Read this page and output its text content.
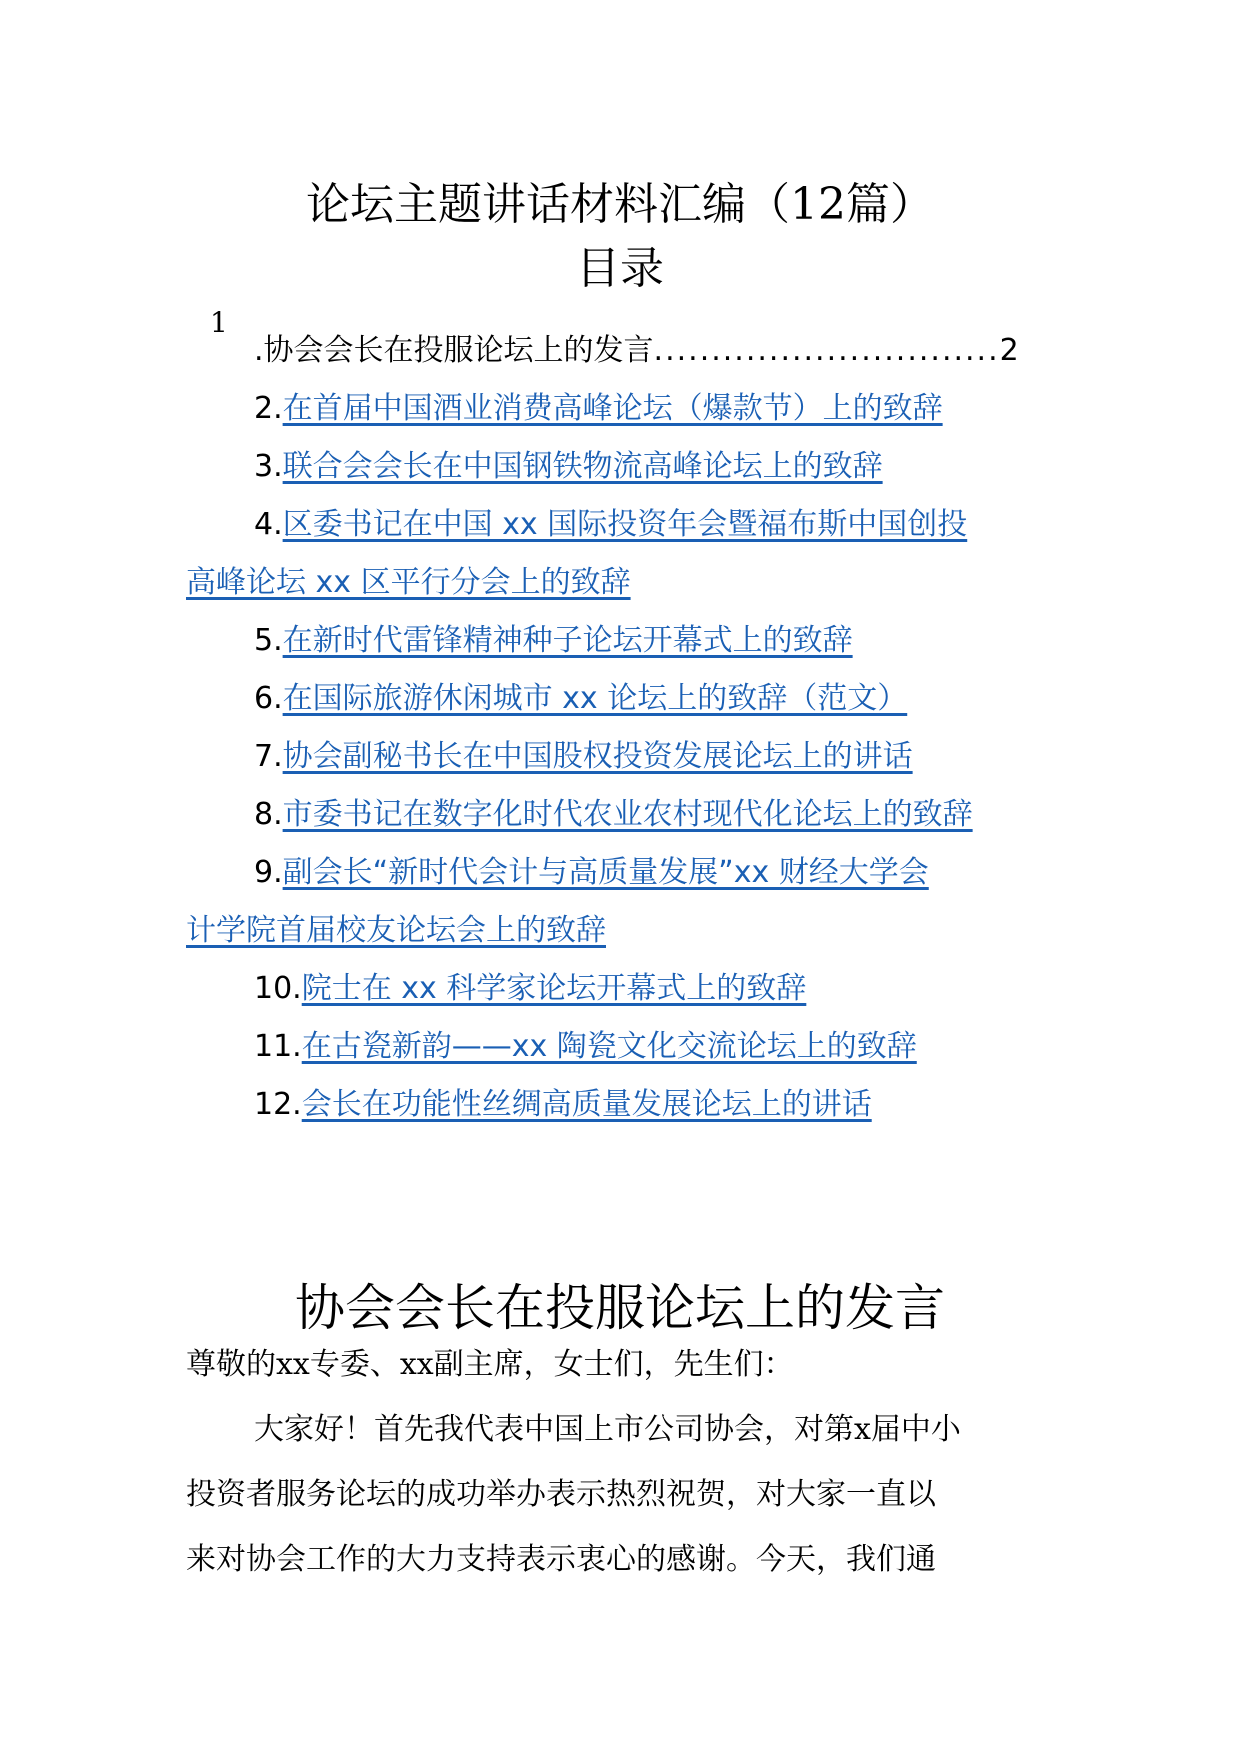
论坛主题讲话材料汇编（12篇）
目录
1
.协会会长在投服论坛上的发言..............................2
2.在首届中国酒业消费高峰论坛（爆款节）上的致辞
3.联合会会长在中国钢铁物流高峰论坛上的致辞
4.区委书记在中国 xx 国际投资年会暨福布斯中国创投
高峰论坛 xx 区平行分会上的致辞
5.在新时代雷锋精神种子论坛开幕式上的致辞
6.在国际旅游休闲城市 xx 论坛上的致辞（范文）
7.协会副秘书长在中国股权投资发展论坛上的讲话
8.市委书记在数字化时代农业农村现代化论坛上的致辞
9.副会长“新时代会计与高质量发展”xx 财经大学会
计学院首届校友论坛会上的致辞
10.院士在 xx 科学家论坛开幕式上的致辞
11.在古瓷新韵——xx 陶瓷文化交流论坛上的致辞
12.会长在功能性丝绸高质量发展论坛上的讲话
协会会长在投服论坛上的发言
尊敬的xx专委、xx副主席，女士们，先生们：
大家好！首先我代表中国上市公司协会，对第x届中小
投资者服务论坛的成功举办表示热烈祝贺，对大家一直以
来对协会工作的大力支持表示衷心的感谢。今天，我们通
